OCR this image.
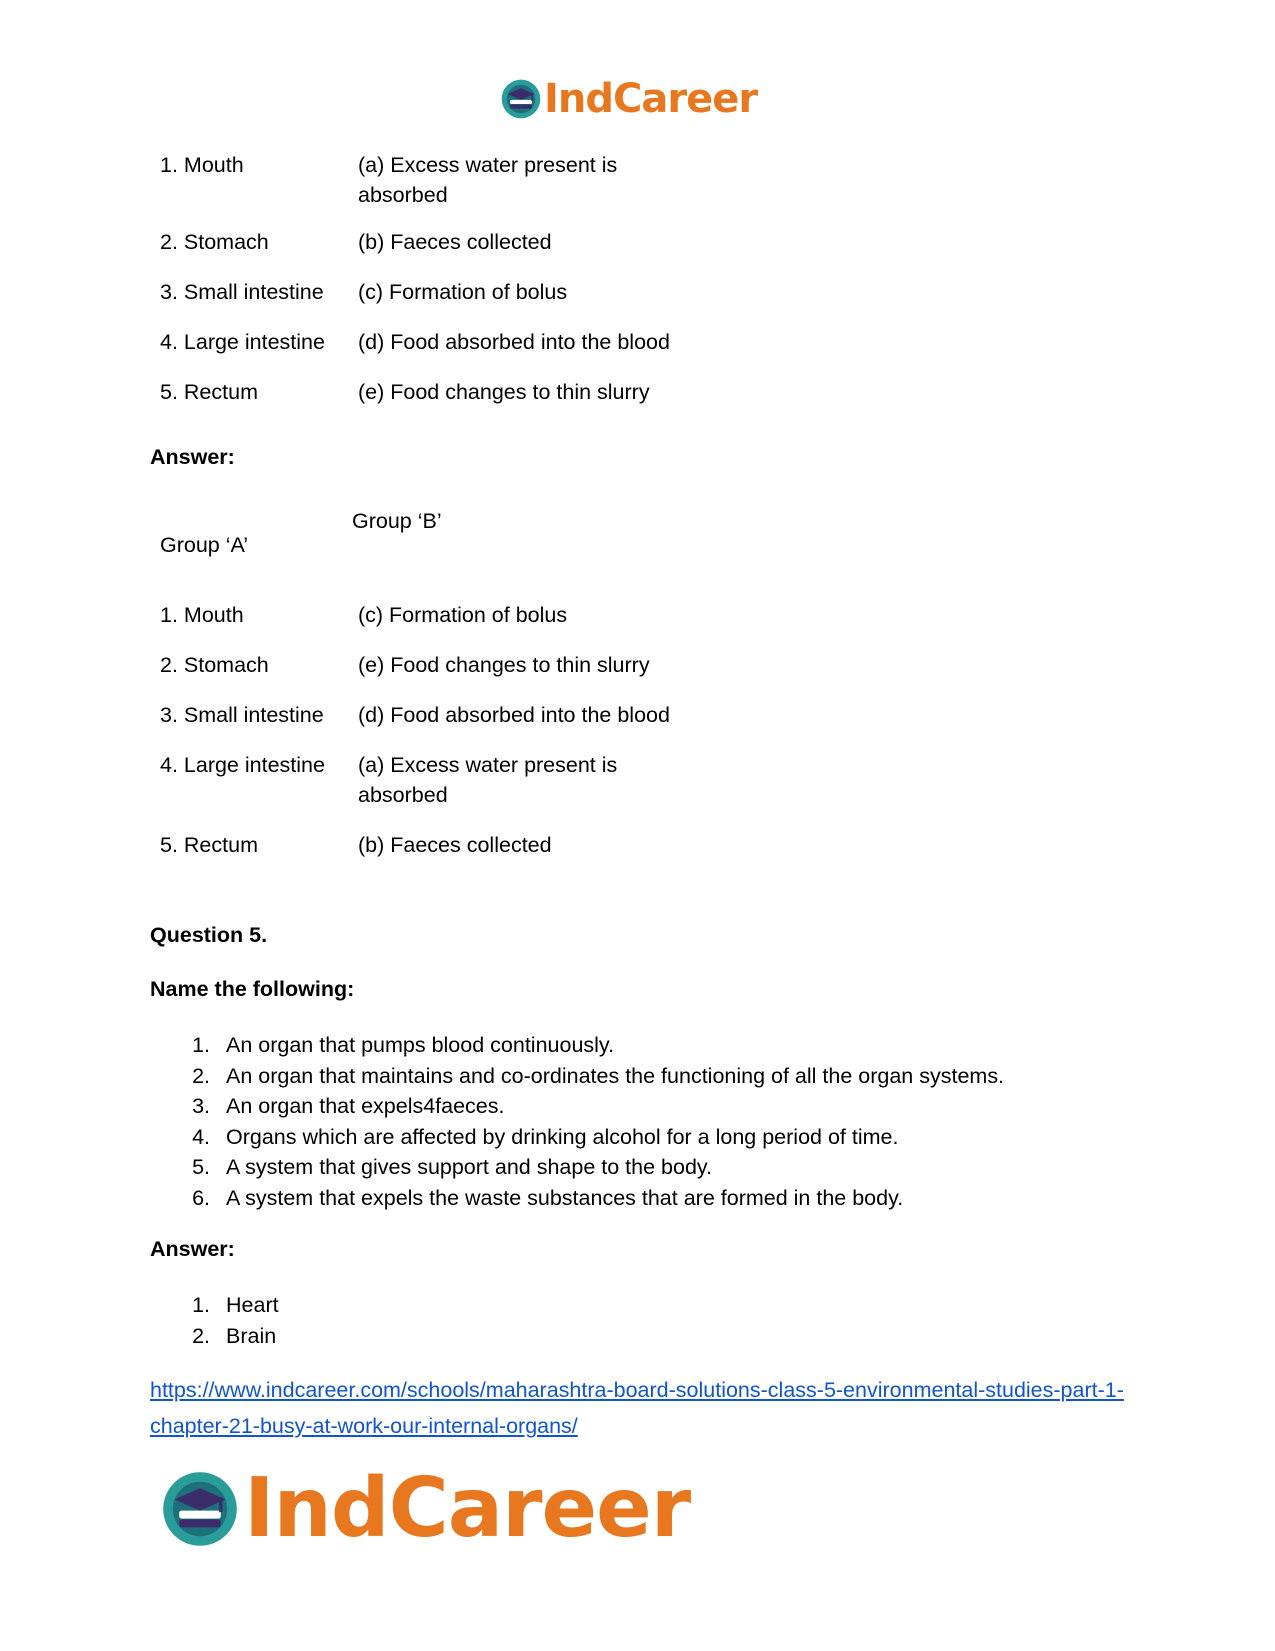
IndCareer
1. Mouth	(a) Excess water present is absorbed
2. Stomach	(b) Faeces collected
3. Small intestine	(c) Formation of bolus
4. Large intestine	(d) Food absorbed into the blood
5. Rectum	(e) Food changes to thin slurry
Answer:
Group ‘A’
Group ‘B’
1. Mouth	(c) Formation of bolus
2. Stomach	(e) Food changes to thin slurry
3. Small intestine	(d) Food absorbed into the blood
4. Large intestine	(a) Excess water present is absorbed
5. Rectum	(b) Faeces collected
Question 5.
Name the following:
1. An organ that pumps blood continuously.
2. An organ that maintains and co-ordinates the functioning of all the organ systems.
3. An organ that expels4faeces.
4. Organs which are affected by drinking alcohol for a long period of time.
5. A system that gives support and shape to the body.
6. A system that expels the waste substances that are formed in the body.
Answer:
1. Heart
2. Brain
https://www.indcareer.com/schools/maharashtra-board-solutions-class-5-environmental-studies-part-1-chapter-21-busy-at-work-our-internal-organs/
IndCareer
